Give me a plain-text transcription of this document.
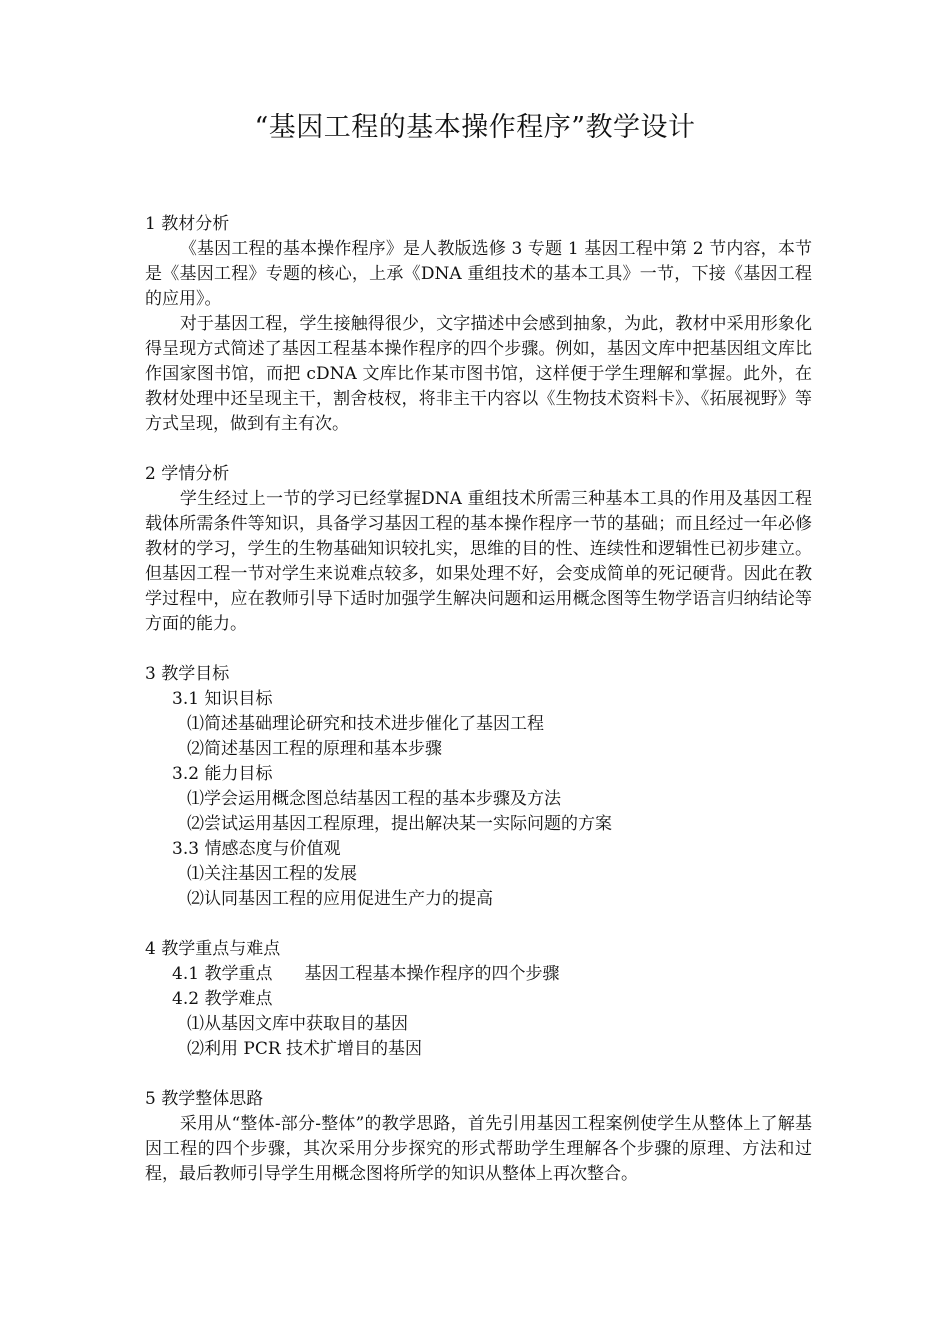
“基因工程的基本操作程序”教学设计

1 教材分析

《基因工程的基本操作程序》是人教版选修 3 专题 1 基因工程中第 2 节内容，本节是《基因工程》专题的核心，上承《DNA 重组技术的基本工具》一节，下接《基因工程的应用》。

对于基因工程，学生接触得很少，文字描述中会感到抽象，为此，教材中采用形象化得呈现方式简述了基因工程基本操作程序的四个步骤。例如，基因文库中把基因组文库比作国家图书馆，而把 cDNA 文库比作某市图书馆，这样便于学生理解和掌握。此外，在教材处理中还呈现主干，割舍枝杈，将非主干内容以《生物技术资料卡》、《拓展视野》等方式呈现，做到有主有次。

2 学情分析

学生经过上一节的学习已经掌握DNA 重组技术所需三种基本工具的作用及基因工程载体所需条件等知识，具备学习基因工程的基本操作程序一节的基础；而且经过一年必修教材的学习，学生的生物基础知识较扎实，思维的目的性、连续性和逻辑性已初步建立。但基因工程一节对学生来说难点较多，如果处理不好，会变成简单的死记硬背。因此在教学过程中，应在教师引导下适时加强学生解决问题和运用概念图等生物学语言归纳结论等方面的能力。

3 教学目标

3.1 知识目标

⑴简述基础理论研究和技术进步催化了基因工程

⑵简述基因工程的原理和基本步骤

3.2 能力目标

⑴学会运用概念图总结基因工程的基本步骤及方法

⑵尝试运用基因工程原理，提出解决某一实际问题的方案

3.3 情感态度与价值观

⑴关注基因工程的发展

⑵认同基因工程的应用促进生产力的提高

4 教学重点与难点

4.1 教学重点 基因工程基本操作程序的四个步骤

4.2 教学难点

⑴从基因文库中获取目的基因

⑵利用 PCR 技术扩增目的基因

5 教学整体思路

采用从“整体-部分-整体”的教学思路，首先引用基因工程案例使学生从整体上了解基因工程的四个步骤，其次采用分步探究的形式帮助学生理解各个步骤的原理、方法和过程，最后教师引导学生用概念图将所学的知识从整体上再次整合。
